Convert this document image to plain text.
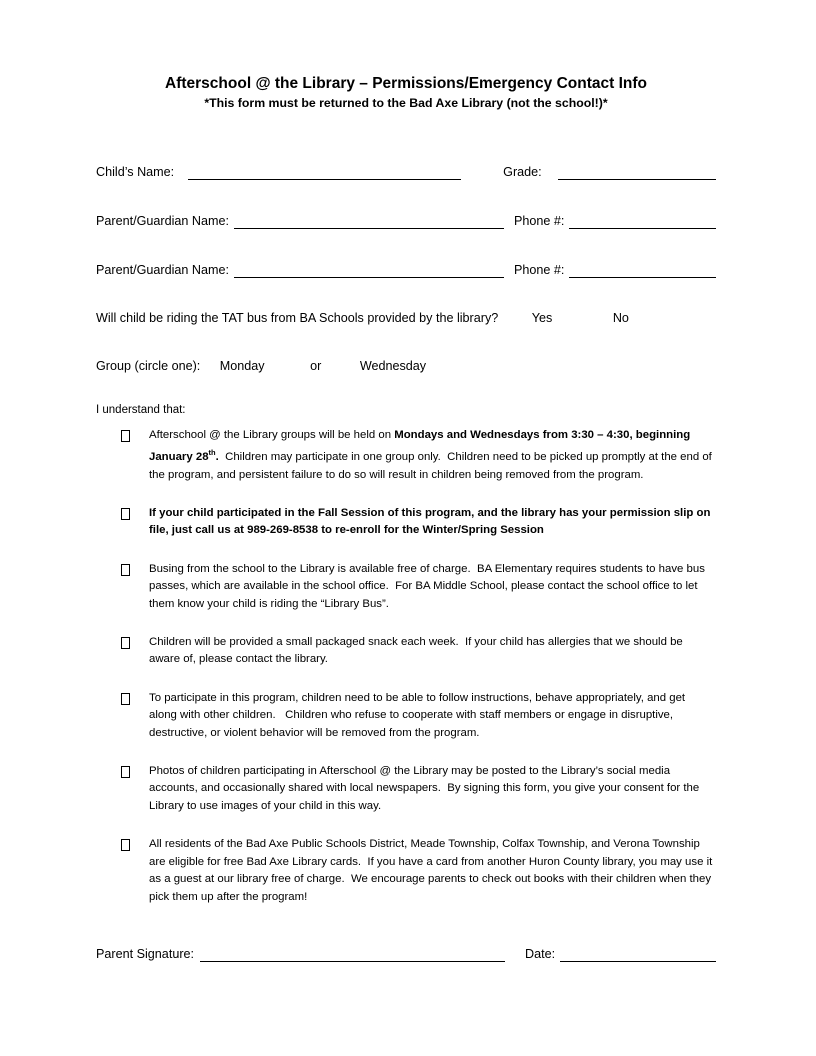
Afterschool @ the Library – Permissions/Emergency Contact Info
*This form must be returned to the Bad Axe Library (not the school!)*
Child’s Name:	Grade:
Parent/Guardian Name:	Phone #:
Parent/Guardian Name:	Phone #:
Will child be riding the TAT bus from BA Schools provided by the library?	Yes	No
Group (circle one): Monday	or	Wednesday
I understand that:
Afterschool @ the Library groups will be held on Mondays and Wednesdays from 3:30 – 4:30, beginning January 28th.  Children may participate in one group only.  Children need to be picked up promptly at the end of the program, and persistent failure to do so will result in children being removed from the program.
If your child participated in the Fall Session of this program, and the library has your permission slip on file, just call us at 989-269-8538 to re-enroll for the Winter/Spring Session
Busing from the school to the Library is available free of charge.  BA Elementary requires students to have bus passes, which are available in the school office.  For BA Middle School, please contact the school office to let them know your child is riding the “Library Bus”.
Children will be provided a small packaged snack each week.  If your child has allergies that we should be aware of, please contact the library.
To participate in this program, children need to be able to follow instructions, behave appropriately, and get along with other children.   Children who refuse to cooperate with staff members or engage in disruptive, destructive, or violent behavior will be removed from the program.
Photos of children participating in Afterschool @ the Library may be posted to the Library’s social media accounts, and occasionally shared with local newspapers.  By signing this form, you give your consent for the Library to use images of your child in this way.
All residents of the Bad Axe Public Schools District, Meade Township, Colfax Township, and Verona Township are eligible for free Bad Axe Library cards.  If you have a card from another Huron County library, you may use it as a guest at our library free of charge.  We encourage parents to check out books with their children when they pick them up after the program!
Parent Signature:	Date:
